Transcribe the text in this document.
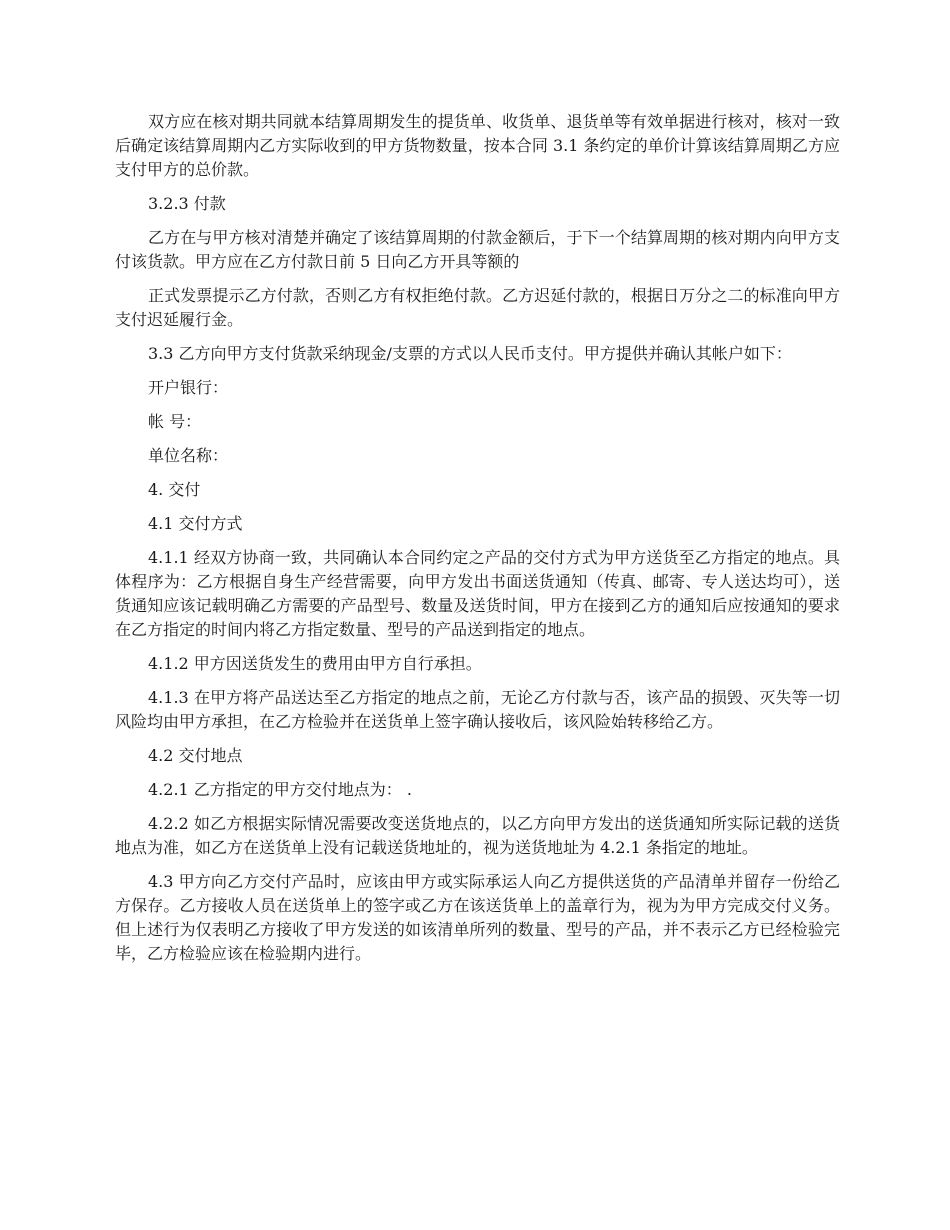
双方应在核对期共同就本结算周期发生的提货单、收货单、退货单等有效单据进行核对，核对一致后确定该结算周期内乙方实际收到的甲方货物数量，按本合同 3.1 条约定的单价计算该结算周期乙方应支付甲方的总价款。

3.2.3 付款

乙方在与甲方核对清楚并确定了该结算周期的付款金额后，于下一个结算周期的核对期内向甲方支付该货款。甲方应在乙方付款日前 5 日向乙方开具等额的

正式发票提示乙方付款，否则乙方有权拒绝付款。乙方迟延付款的，根据日万分之二的标准向甲方支付迟延履行金。

3.3 乙方向甲方支付货款采纳现金/支票的方式以人民币支付。甲方提供并确认其帐户如下：

开户银行：

帐 号：

单位名称：

4. 交付

4.1 交付方式

4.1.1 经双方协商一致，共同确认本合同约定之产品的交付方式为甲方送货至乙方指定的地点。具体程序为：乙方根据自身生产经营需要，向甲方发出书面送货通知（传真、邮寄、专人送达均可），送货通知应该记载明确乙方需要的产品型号、数量及送货时间，甲方在接到乙方的通知后应按通知的要求在乙方指定的时间内将乙方指定数量、型号的产品送到指定的地点。

4.1.2 甲方因送货发生的费用由甲方自行承担。

4.1.3 在甲方将产品送达至乙方指定的地点之前，无论乙方付款与否，该产品的损毁、灭失等一切风险均由甲方承担，在乙方检验并在送货单上签字确认接收后，该风险始转移给乙方。

4.2 交付地点

4.2.1 乙方指定的甲方交付地点为： .

4.2.2 如乙方根据实际情况需要改变送货地点的，以乙方向甲方发出的送货通知所实际记载的送货地点为准，如乙方在送货单上没有记载送货地址的，视为送货地址为 4.2.1 条指定的地址。

4.3 甲方向乙方交付产品时，应该由甲方或实际承运人向乙方提供送货的产品清单并留存一份给乙方保存。乙方接收人员在送货单上的签字或乙方在该送货单上的盖章行为，视为为甲方完成交付义务。但上述行为仅表明乙方接收了甲方发送的如该清单所列的数量、型号的产品，并不表示乙方已经检验完毕，乙方检验应该在检验期内进行。
